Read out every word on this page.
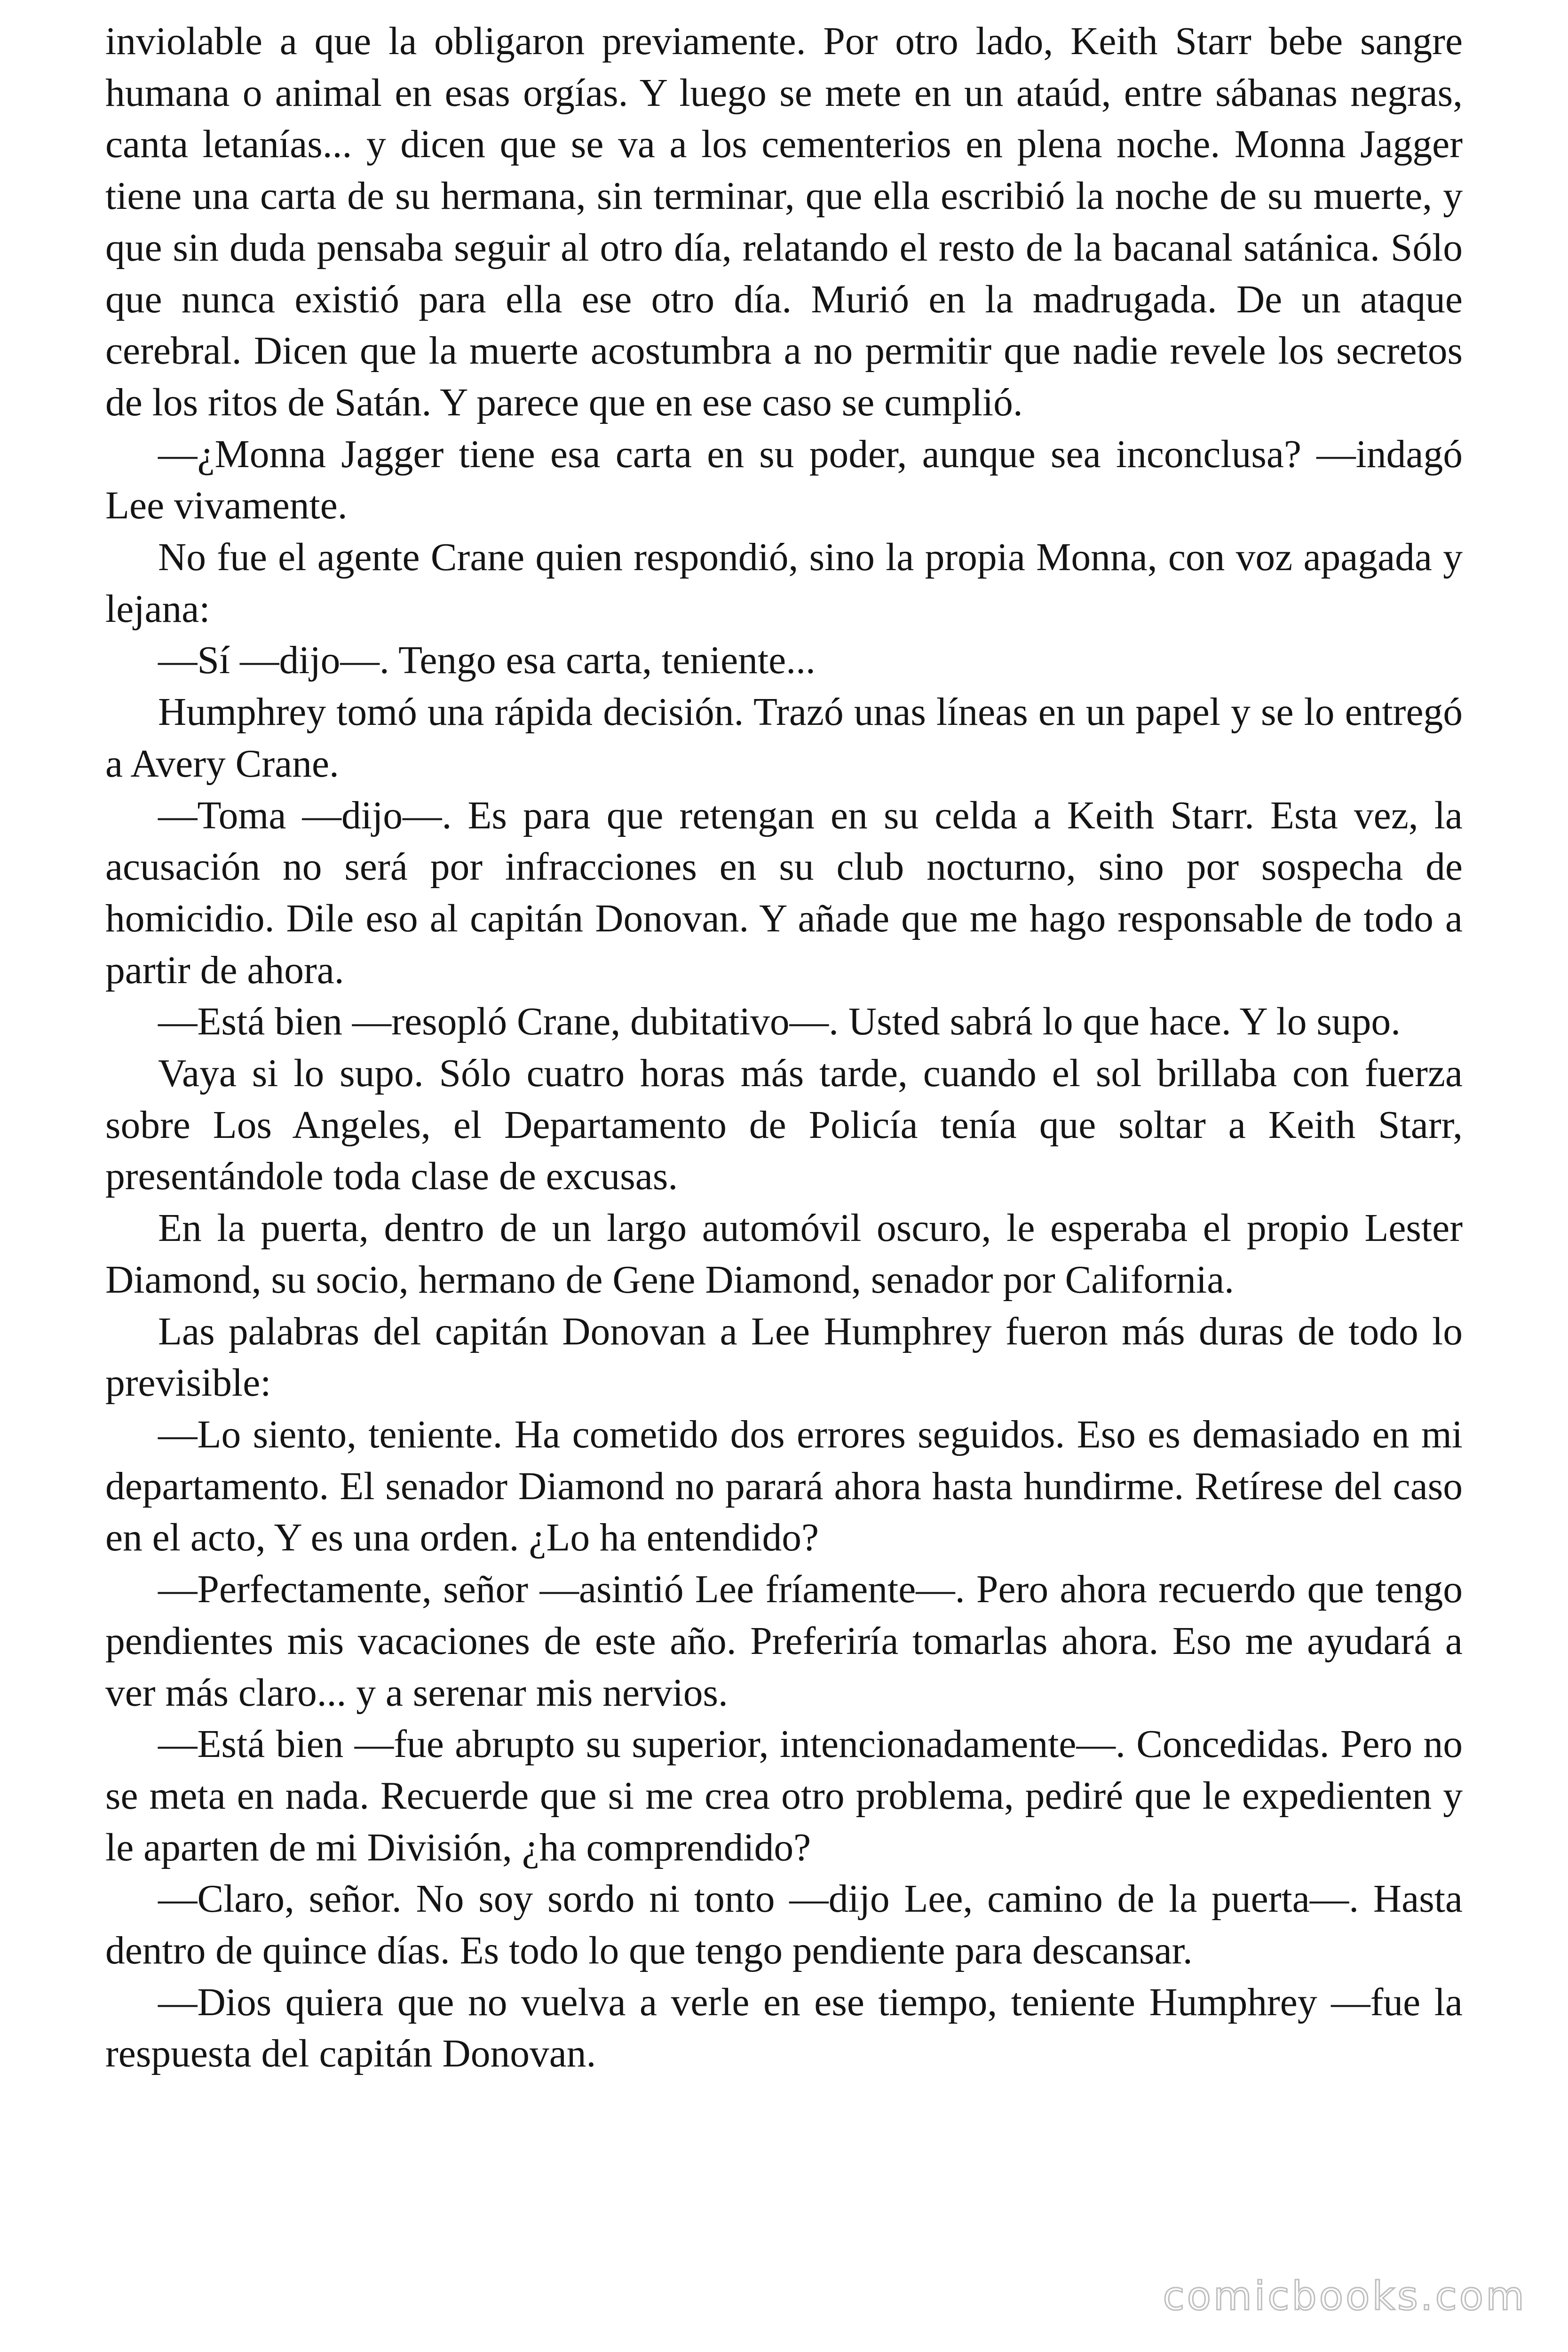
inviolable a que la obligaron previamente. Por otro lado, Keith Starr bebe sangre humana o animal en esas orgías. Y luego se mete en un ataúd, entre sábanas negras, canta letanías... y dicen que se va a los cementerios en plena noche. Monna Jagger tiene una carta de su hermana, sin terminar, que ella escribió la noche de su muerte, y que sin duda pensaba seguir al otro día, relatando el resto de la bacanal satánica. Sólo que nunca existió para ella ese otro día. Murió en la madrugada. De un ataque cerebral. Dicen que la muerte acostumbra a no permitir que nadie revele los secretos de los ritos de Satán. Y parece que en ese caso se cumplió.

—¿Monna Jagger tiene esa carta en su poder, aunque sea inconclusa? —indagó Lee vivamente.

No fue el agente Crane quien respondió, sino la propia Monna, con voz apagada y lejana:

—Sí —dijo—. Tengo esa carta, teniente...

Humphrey tomó una rápida decisión. Trazó unas líneas en un papel y se lo entregó a Avery Crane.

—Toma —dijo—. Es para que retengan en su celda a Keith Starr. Esta vez, la acusación no será por infracciones en su club nocturno, sino por sospecha de homicidio. Dile eso al capitán Donovan. Y añade que me hago responsable de todo a partir de ahora.

—Está bien —resopló Crane, dubitativo—. Usted sabrá lo que hace. Y lo supo.

Vaya si lo supo. Sólo cuatro horas más tarde, cuando el sol brillaba con fuerza sobre Los Angeles, el Departamento de Policía tenía que soltar a Keith Starr, presentándole toda clase de excusas.

En la puerta, dentro de un largo automóvil oscuro, le esperaba el propio Lester Diamond, su socio, hermano de Gene Diamond, senador por California.

Las palabras del capitán Donovan a Lee Humphrey fueron más duras de todo lo previsible:

—Lo siento, teniente. Ha cometido dos errores seguidos. Eso es demasiado en mi departamento. El senador Diamond no parará ahora hasta hundirme. Retírese del caso en el acto, Y es una orden. ¿Lo ha entendido?

—Perfectamente, señor —asintió Lee fríamente—. Pero ahora recuerdo que tengo pendientes mis vacaciones de este año. Preferiría tomarlas ahora. Eso me ayudará a ver más claro... y a serenar mis nervios.

—Está bien —fue abrupto su superior, intencionadamente—. Concedidas. Pero no se meta en nada. Recuerde que si me crea otro problema, pediré que le expedienten y le aparten de mi División, ¿ha comprendido?

—Claro, señor. No soy sordo ni tonto —dijo Lee, camino de la puerta—. Hasta dentro de quince días. Es todo lo que tengo pendiente para descansar.

—Dios quiera que no vuelva a verle en ese tiempo, teniente Humphrey —fue la respuesta del capitán Donovan.

comicbooks.com
